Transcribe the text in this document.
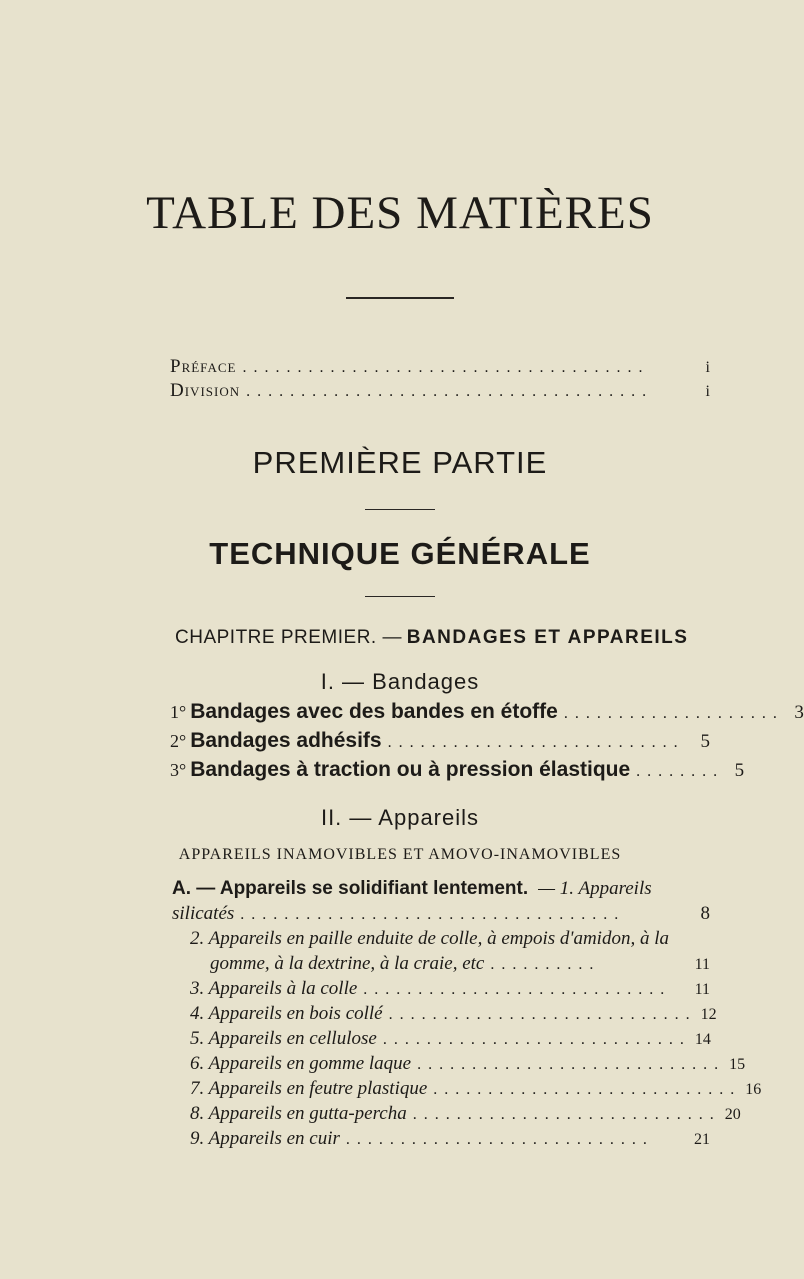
TABLE DES MATIÈRES
Préface .....................................	i
Division .....................................	i
PREMIÈRE PARTIE
TECHNIQUE GÉNÉRALE
CHAPITRE PREMIER. — BANDAGES ET APPAREILS
I. — Bandages
1° Bandages avec des bandes en étoffe .................... 3
2° Bandages adhésifs ........................... 5
3° Bandages à traction ou à pression élastique ........ 5
II. — Appareils
APPAREILS INAMOVIBLES ET AMOVO-INAMOVIBLES
A. — Appareils se solidifiant lentement. — 1. Appareils
silicatés ...................................	8
2. Appareils en paille enduite de colle, à empois d'amidon, à la
gomme, à la dextrine, à la craie, etc ..........	11
3. Appareils à la colle ............................	11
4. Appareils en bois collé ............................ 12
5. Appareils en cellulose ............................ 14
6. Appareils en gomme laque ............................ 15
7. Appareils en feutre plastique ............................ 16
8. Appareils en gutta-percha ............................ 20
9. Appareils en cuir ............................	21
